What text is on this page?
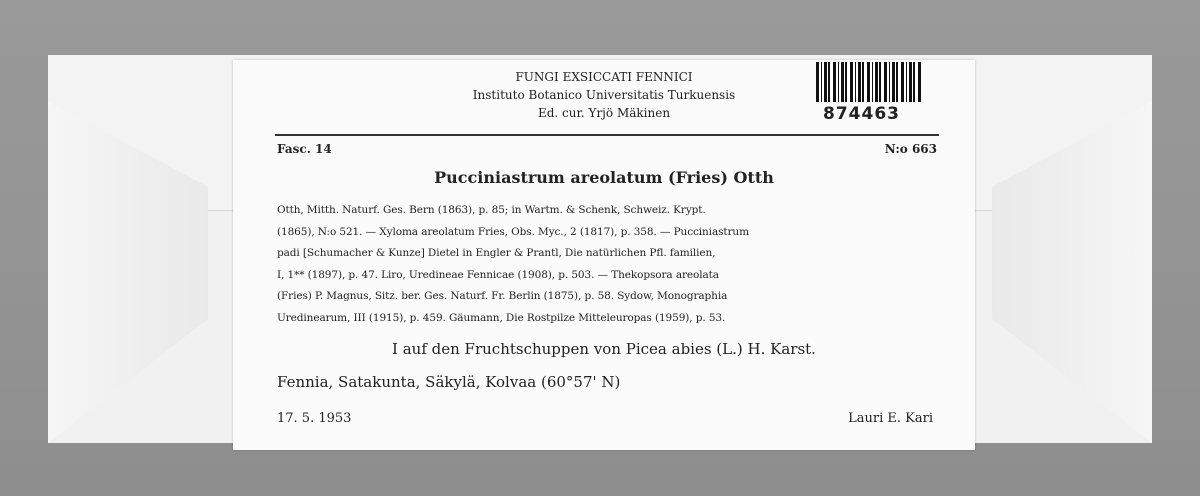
FUNGI EXSICCATI FENNICI
Instituto Botanico Universitatis Turkuensis
Ed. cur. Yrjö Mäkinen	874463
Fasc. 14	N:o 663
Pucciniastrum areolatum (Fries) Otth
Otth, Mitth. Naturf. Ges. Bern (1863), p. 85; in Wartm. & Schenk, Schweiz. Krypt.
(1865), N:o 521. — Xyloma areolatum Fries, Obs. Myc., 2 (1817), p. 358. — Pucciniastrum
padi [Schumacher & Kunze] Dietel in Engler & Prantl, Die natürlichen Pfl. familien,
I, 1** (1897), p. 47. Liro, Uredineae Fennicae (1908), p. 503. — Thekopsora areolata
(Fries) P. Magnus, Sitz. ber. Ges. Naturf. Fr. Berlin (1875), p. 58. Sydow, Monographia
Uredinearum, III (1915), p. 459. Gäumann, Die Rostpilze Mitteleuropas (1959), p. 53.
I auf den Fruchtschuppen von Picea abies (L.) H. Karst.
Fennia, Satakunta, Säkylä, Kolvaa (60°57' N)
17. 5. 1953	Lauri E. Kari
